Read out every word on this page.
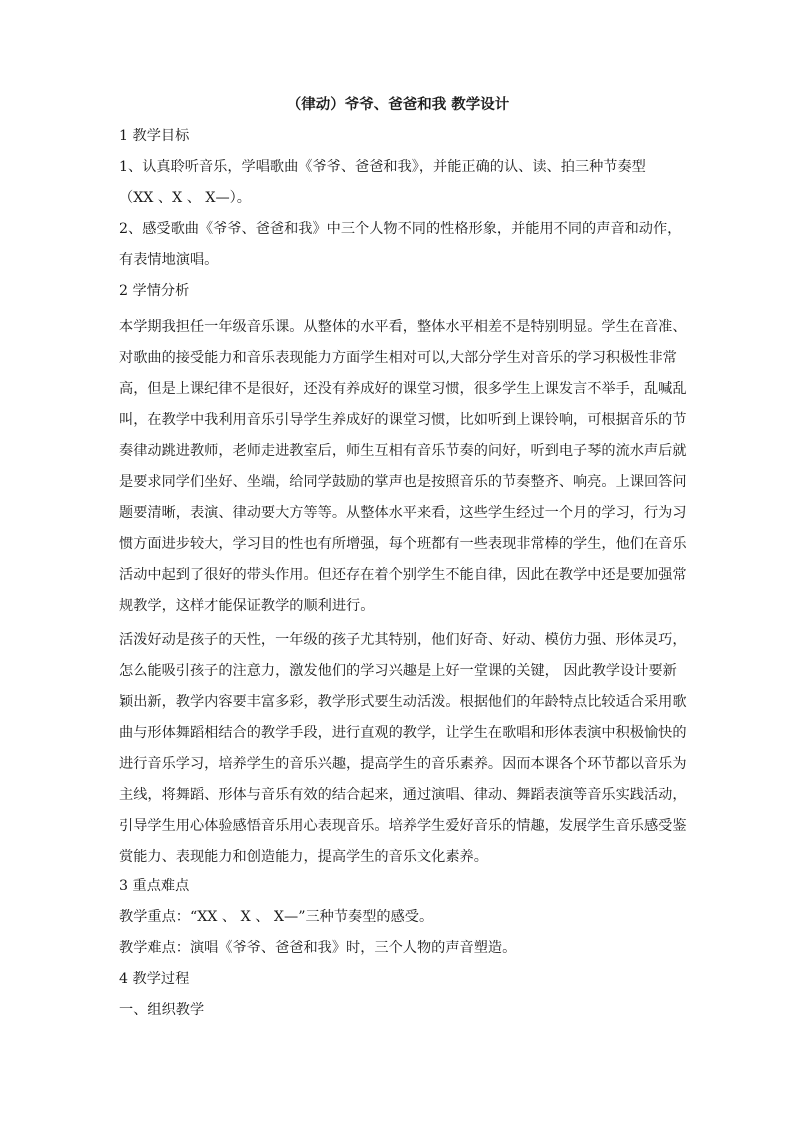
（律动）爷爷、爸爸和我 教学设计
1 教学目标
1、认真聆听音乐，学唱歌曲《爷爷、爸爸和我》，并能正确的认、读、拍三种节奏型
（XX 、X 、 X—）。
2、感受歌曲《爷爷、爸爸和我》中三个人物不同的性格形象，并能用不同的声音和动作，
有表情地演唱。
2 学情分析
本学期我担任一年级音乐课。从整体的水平看，整体水平相差不是特别明显。学生在音准、
对歌曲的接受能力和音乐表现能力方面学生相对可以,大部分学生对音乐的学习积极性非常
高，但是上课纪律不是很好，还没有养成好的课堂习惯，很多学生上课发言不举手，乱喊乱
叫，在教学中我利用音乐引导学生养成好的课堂习惯，比如听到上课铃响，可根据音乐的节
奏律动跳进教师，老师走进教室后，师生互相有音乐节奏的问好，听到电子琴的流水声后就
是要求同学们坐好、坐端，给同学鼓励的掌声也是按照音乐的节奏整齐、响亮。上课回答问
题要清晰，表演、律动要大方等等。从整体水平来看，这些学生经过一个月的学习，行为习
惯方面进步较大，学习目的性也有所增强，每个班都有一些表现非常棒的学生，他们在音乐
活动中起到了很好的带头作用。但还存在着个别学生不能自律，因此在教学中还是要加强常
规教学，这样才能保证教学的顺利进行。
活泼好动是孩子的天性，一年级的孩子尤其特别，他们好奇、好动、模仿力强、形体灵巧，
怎么能吸引孩子的注意力，激发他们的学习兴趣是上好一堂课的关键， 因此教学设计要新
颖出新，教学内容要丰富多彩，教学形式要生动活泼。根据他们的年龄特点比较适合采用歌
曲与形体舞蹈相结合的教学手段，进行直观的教学，让学生在歌唱和形体表演中积极愉快的
进行音乐学习，培养学生的音乐兴趣，提高学生的音乐素养。因而本课各个环节都以音乐为
主线，将舞蹈、形体与音乐有效的结合起来，通过演唱、律动、舞蹈表演等音乐实践活动，
引导学生用心体验感悟音乐用心表现音乐。培养学生爱好音乐的情趣，发展学生音乐感受鉴
赏能力、表现能力和创造能力，提高学生的音乐文化素养。
3 重点难点
教学重点：“XX 、 X 、 X—”三种节奏型的感受。
教学难点：演唱《爷爷、爸爸和我》时，三个人物的声音塑造。
4 教学过程
一、组织教学
